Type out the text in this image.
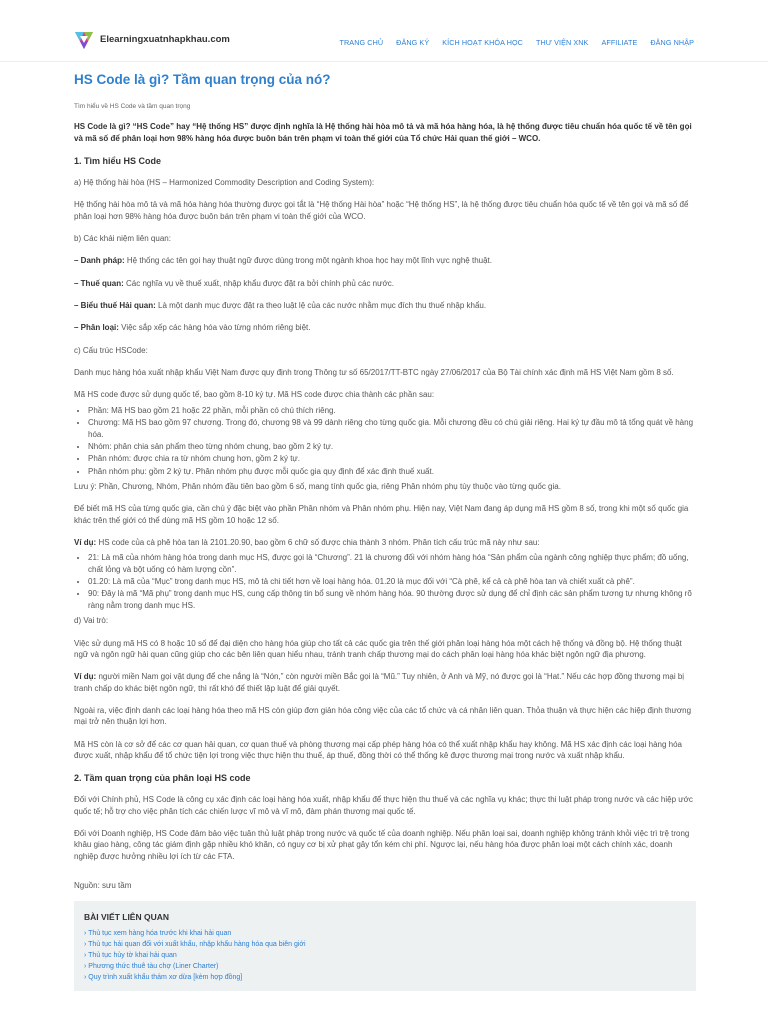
Elearningxuatnhapkhau.com	TRANG CHỦ ĐĂNG KÝ KÍCH HOẠT KHÓA HỌC THƯ VIỆN XNK AFFILIATE ĐĂNG NHẬP
HS Code là gì? Tầm quan trọng của nó?
Tìm hiểu về HS Code và tầm quan trọng

HS Code là gì? “HS Code” hay “Hệ thống HS” được định nghĩa là Hệ thống hài hòa mô tả và mã hóa hàng hóa, là hệ thống được tiêu chuẩn hóa quốc tế về tên gọi và mã số để phân loại hơn 98% hàng hóa được buôn bán trên phạm vi toàn thế giới của Tổ chức Hải quan thế giới – WCO.

1. Tìm hiểu HS Code

a) Hệ thống hài hòa (HS – Harmonized Commodity Description and Coding System):

Hệ thống hài hòa mô tả và mã hóa hàng hóa thường được gọi tắt là “Hệ thống Hài hòa” hoặc “Hệ thống HS”, là hệ thống được tiêu chuẩn hóa quốc tế về tên gọi và mã số để phân loại hơn 98% hàng hóa được buôn bán trên phạm vi toàn thế giới của WCO.

b) Các khái niệm liên quan:

– Danh pháp: Hệ thống các tên gọi hay thuật ngữ được dùng trong một ngành khoa học hay một lĩnh vực nghệ thuật.

– Thuế quan: Các nghĩa vụ về thuế xuất, nhập khẩu được đặt ra bởi chính phủ các nước.

– Biểu thuế Hải quan: Là một danh mục được đặt ra theo luật lệ của các nước nhằm mục đích thu thuế nhập khẩu.

– Phân loại: Việc sắp xếp các hàng hóa vào từng nhóm riêng biệt.

c) Cấu trúc HSCode:

Danh mục hàng hóa xuất nhập khẩu Việt Nam được quy định trong Thông tư số 65/2017/TT-BTC ngày 27/06/2017 của Bộ Tài chính xác định mã HS Việt Nam gồm 8 số.

Mã HS code được sử dụng quốc tế, bao gồm 8-10 ký tự. Mã HS code được chia thành các phần sau:

• Phần: Mã HS bao gồm 21 hoặc 22 phần, mỗi phần có chú thích riêng.
• Chương: Mã HS bao gồm 97 chương. Trong đó, chương 98 và 99 dành riêng cho từng quốc gia. Mỗi chương đều có chú giải riêng. Hai ký tự đầu mô tả tổng quát về hàng hóa.
• Nhóm: phân chia sản phẩm theo từng nhóm chung, bao gồm 2 ký tự.
• Phân nhóm: được chia ra từ nhóm chung hơn, gồm 2 ký tự.
• Phân nhóm phụ: gồm 2 ký tự. Phân nhóm phụ được mỗi quốc gia quy định để xác định thuế xuất.

Lưu ý: Phần, Chương, Nhóm, Phân nhóm đầu tiên bao gồm 6 số, mang tính quốc gia, riêng Phân nhóm phụ tùy thuộc vào từng quốc gia.

Để biết mã HS của từng quốc gia, cần chú ý đặc biệt vào phần Phân nhóm và Phân nhóm phụ. Hiện nay, Việt Nam đang áp dụng mã HS gồm 8 số, trong khi một số quốc gia khác trên thế giới có thể dùng mã HS gồm 10 hoặc 12 số.

Ví dụ: HS code của cà phê hòa tan là 2101.20.90, bao gồm 6 chữ số được chia thành 3 nhóm. Phân tích cấu trúc mã này như sau:

• 21: Là mã của nhóm hàng hóa trong danh mục HS, được gọi là “Chương”. 21 là chương đối với nhóm hàng hóa “Sản phẩm của ngành công nghiệp thực phẩm; đồ uống, chất lỏng và bột uống có hàm lượng cồn”.
• 01.20: Là mã của “Mục” trong danh mục HS, mô tả chi tiết hơn về loại hàng hóa. 01.20 là mục đối với “Cà phê, kể cả cà phê hòa tan và chiết xuất cà phê”.
• 90: Đây là mã “Mã phụ” trong danh mục HS, cung cấp thông tin bổ sung về nhóm hàng hóa. 90 thường được sử dụng để chỉ định các sản phẩm tương tự nhưng không rõ ràng nằm trong danh mục HS.

d) Vai trò:

Việc sử dụng mã HS có 8 hoặc 10 số để đại diện cho hàng hóa giúp cho tất cả các quốc gia trên thế giới phân loại hàng hóa một cách hệ thống và đồng bộ. Hệ thống thuật ngữ và ngôn ngữ hải quan cũng giúp cho các bên liên quan hiểu nhau, tránh tranh chấp thương mại do cách phân loại hàng hóa khác biệt ngôn ngữ địa phương.

Ví dụ: người miền Nam gọi vật dụng để che nắng là “Nón,” còn người miền Bắc gọi là “Mũ.” Tuy nhiên, ở Anh và Mỹ, nó được gọi là “Hat.” Nếu các hợp đồng thương mại bị tranh chấp do khác biệt ngôn ngữ, thì rất khó để thiết lập luật để giải quyết.

Ngoài ra, việc định danh các loại hàng hóa theo mã HS còn giúp đơn giản hóa công việc của các tổ chức và cá nhân liên quan. Thỏa thuận và thực hiện các hiệp định thương mại trở nên thuận lợi hơn.

Mã HS còn là cơ sở để các cơ quan hải quan, cơ quan thuế và phòng thương mại cấp phép hàng hóa có thể xuất nhập khẩu hay không. Mã HS xác định các loại hàng hóa được xuất, nhập khẩu để tổ chức tiện lợi trong việc thực hiện thu thuế, áp thuế, đồng thời có thể thống kê được thương mại trong nước và xuất nhập khẩu.

2. Tầm quan trọng của phân loại HS code

Đối với Chính phủ, HS Code là công cụ xác định các loại hàng hóa xuất, nhập khẩu để thực hiện thu thuế và các nghĩa vụ khác; thực thi luật pháp trong nước và các hiệp ước quốc tế; hỗ trợ cho việc phân tích các chiến lược vĩ mô và vĩ mô, đàm phán thương mại quốc tế.

Đối với Doanh nghiệp, HS Code đảm bảo việc tuân thủ luật pháp trong nước và quốc tế của doanh nghiệp. Nếu phân loại sai, doanh nghiệp không tránh khỏi việc trì trệ trong khâu giao hàng, công tác giám định gặp nhiều khó khăn, có nguy cơ bị xử phạt gây tổn kém chi phí. Ngược lại, nếu hàng hóa được phân loại một cách chính xác, doanh nghiệp được hưởng nhiều lợi ích từ các FTA.

Nguồn: sưu tầm

BÀI VIẾT LIÊN QUAN
› Thủ tục xem hàng hóa trước khi khai hải quan
› Thủ tục hải quan đối với xuất khẩu, nhập khẩu hàng hóa qua biên giới
› Thủ tục hủy tờ khai hải quan
› Phương thức thuê tàu chợ (Liner Charter)
› Quy trình xuất khẩu thảm xơ dừa [kèm hợp đồng]
